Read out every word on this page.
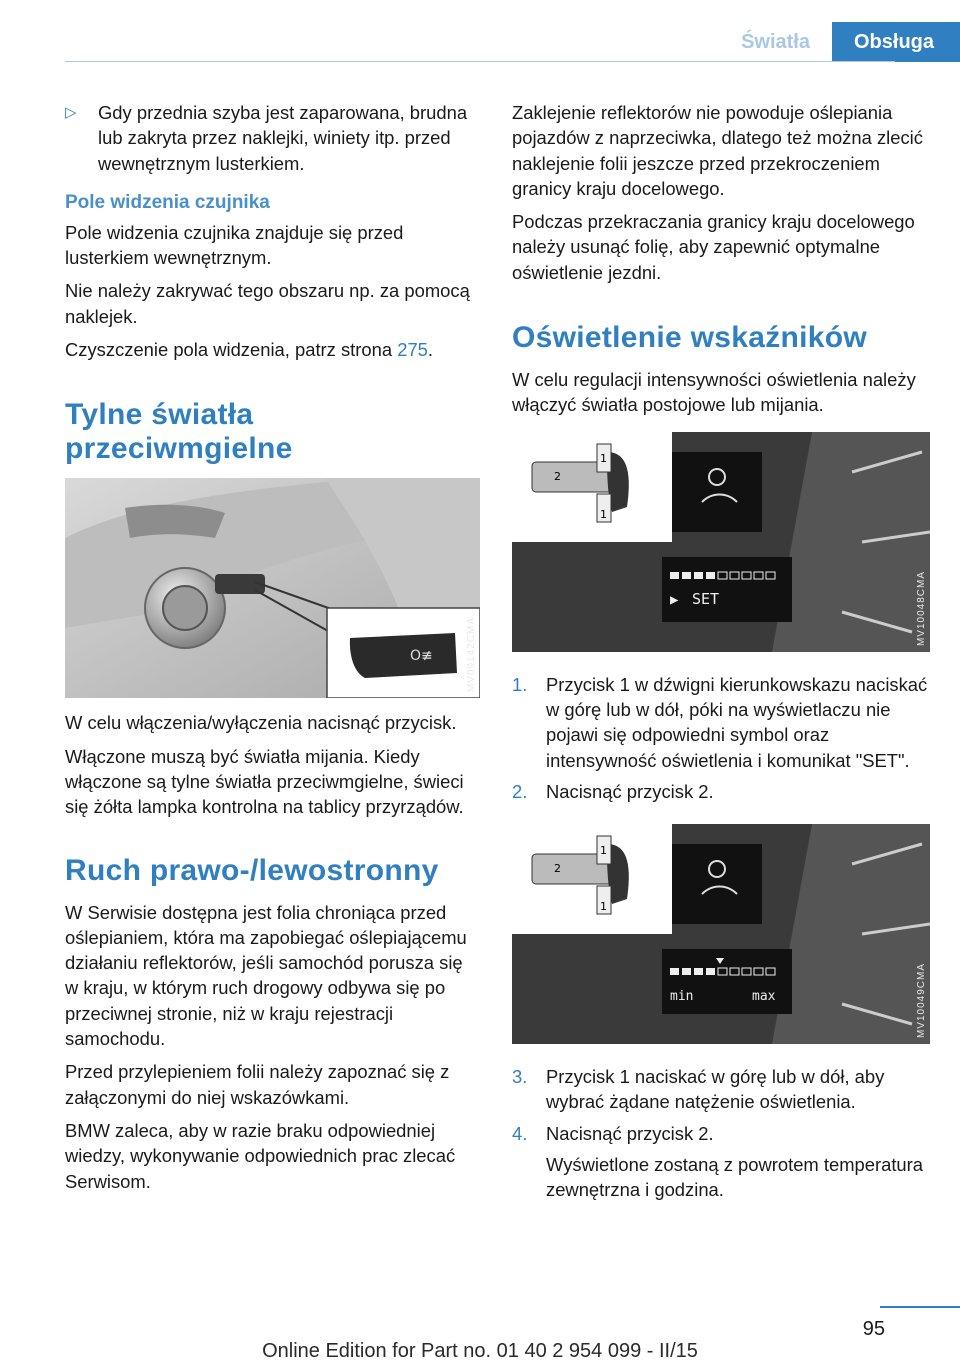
Światła	Obsługa
▷	Gdy przednia szyba jest zaparowana, brudna lub zakryta przez naklejki, winiety itp. przed wewnętrznym lusterkiem.

Pole widzenia czujnika

Pole widzenia czujnika znajduje się przed lusterkiem wewnętrznym.

Nie należy zakrywać tego obszaru np. za pomocą naklejek.

Czyszczenie pola widzenia, patrz strona 275.

Tylne światła przeciwmgielne
O≢	MV09142CMA

W celu włączenia/wyłączenia nacisnąć przycisk.

Włączone muszą być światła mijania. Kiedy włączone są tylne światła przeciwmgielne, świeci się żółta lampka kontrolna na tablicy przyrządów.

Ruch prawo-/lewostronny

W Serwisie dostępna jest folia chroniąca przed oślepianiem, która ma zapobiegać oślepiającemu działaniu reflektorów, jeśli samochód porusza się w kraju, w którym ruch drogowy odbywa się po przeciwnej stronie, niż w kraju rejestracji samochodu.

Przed przylepieniem folii należy zapoznać się z załączonymi do niej wskazówkami.

BMW zaleca, aby w razie braku odpowiedniej wiedzy, wykonywanie odpowiednich prac zlecać Serwisom.

Zaklejenie reflektorów nie powoduje oślepiania pojazdów z naprzeciwka, dlatego też można zlecić naklejenie folii jeszcze przed przekroczeniem granicy kraju docelowego.

Podczas przekraczania granicy kraju docelowego należy usunąć folię, aby zapewnić optymalne oświetlenie jezdni.

Oświetlenie wskaźników

W celu regulacji intensywności oświetlenia należy włączyć światła postojowe lub mijania.

1
2
1
▶ SET	MV10048CMA
1.	Przycisk 1 w dźwigni kierunkowskazu naciskać w górę lub w dół, póki na wyświetlaczu nie pojawi się odpowiedni symbol oraz intensywność oświetlenia i komunikat "SET".

2.	Nacisnąć przycisk 2.

1
2
1
min	max	MV10049CMA
3.	Przycisk 1 naciskać w górę lub w dół, aby wybrać żądane natężenie oświetlenia.

4.	Nacisnąć przycisk 2.

Wyświetlone zostaną z powrotem temperatura zewnętrzna i godzina.

95
Online Edition for Part no. 01 40 2 954 099 - II/15
